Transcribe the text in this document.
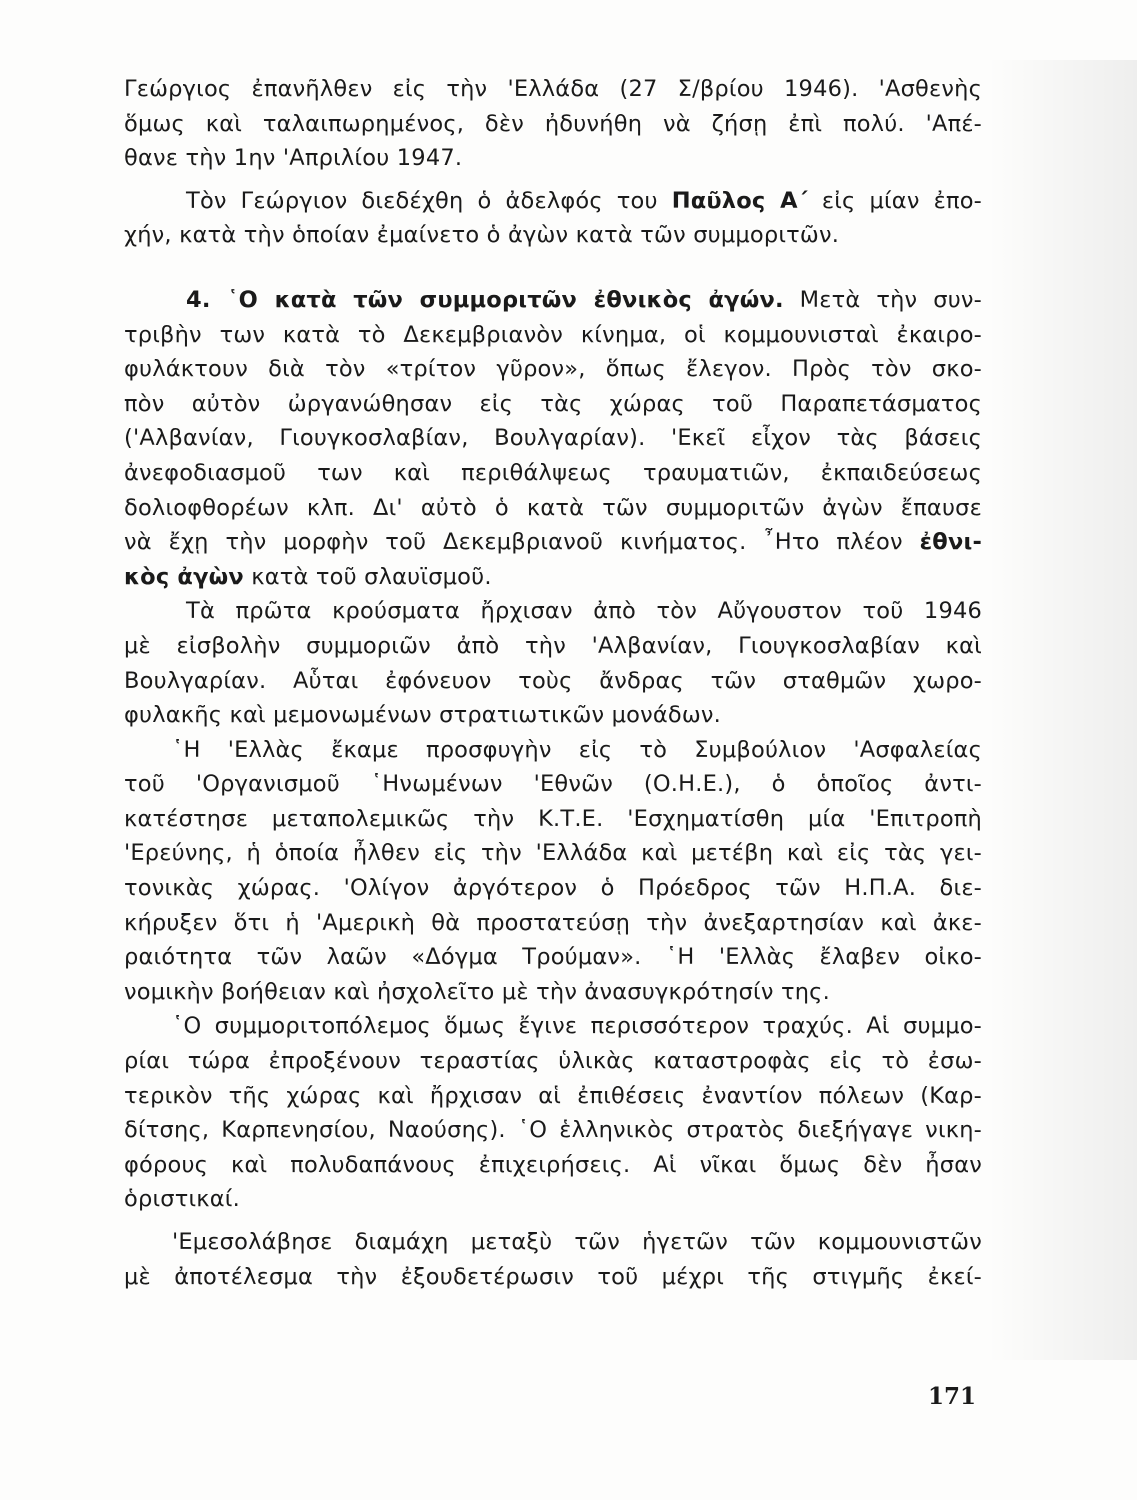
Γεώργιος ἐπανῆλθεν εἰς τὴν 'Ελλάδα (27 Σ/βρίου 1946). 'Ασθενὴς
ὅμως καὶ ταλαιπωρημένος, δὲν ἠδυνήθη νὰ ζήσῃ ἐπὶ πολύ. 'Απέ-
θανε τὴν 1ην 'Απριλίου 1947.
Τὸν Γεώργιον διεδέχθη ὁ ἀδελφός του Παῦλος Α΄ εἰς μίαν ἐπο-
χήν, κατὰ τὴν ὁποίαν ἐμαίνετο ὁ ἀγὼν κατὰ τῶν συμμοριτῶν.
4. ῾Ο κατὰ τῶν συμμοριτῶν ἐθνικὸς ἀγών. Μετὰ τὴν συν-
τριβὴν των κατὰ τὸ Δεκεμβριανὸν κίνημα, οἱ κομμουνισταὶ ἐκαιρο-
φυλάκτουν διὰ τὸν «τρίτον γῦρον», ὅπως ἔλεγον. Πρὸς τὸν σκο-
πὸν αὐτὸν ὠργανώθησαν εἰς τὰς χώρας τοῦ Παραπετάσματος
('Αλβανίαν, Γιουγκοσλαβίαν, Βουλγαρίαν). 'Εκεῖ εἶχον τὰς βάσεις
ἀνεφοδιασμοῦ των καὶ περιθάλψεως τραυματιῶν, ἐκπαιδεύσεως
δολιοφθορέων κλπ. Δι' αὐτὸ ὁ κατὰ τῶν συμμοριτῶν ἀγὼν ἔπαυσε
νὰ ἔχῃ τὴν μορφὴν τοῦ Δεκεμβριανοῦ κινήματος. ῏Ητο πλέον ἐθνι-
κὸς ἀγὼν κατὰ τοῦ σλαυϊσμοῦ.
Τὰ πρῶτα κρούσματα ἤρχισαν ἀπὸ τὸν Αὔγουστον τοῦ 1946
μὲ εἰσβολὴν συμμοριῶν ἀπὸ τὴν 'Αλβανίαν, Γιουγκοσλαβίαν καὶ
Βουλγαρίαν. Αὗται ἐφόνευον τοὺς ἄνδρας τῶν σταθμῶν χωρο-
φυλακῆς καὶ μεμονωμένων στρατιωτικῶν μονάδων.
῾Η 'Ελλὰς ἔκαμε προσφυγὴν εἰς τὸ Συμβούλιον 'Ασφαλείας
τοῦ 'Οργανισμοῦ ῾Ηνωμένων 'Εθνῶν (Ο.Η.Ε.), ὁ ὁποῖος ἀντι-
κατέστησε μεταπολεμικῶς τὴν Κ.Τ.Ε. 'Εσχηματίσθη μία 'Επιτροπὴ
'Ερεύνης, ἡ ὁποία ἦλθεν εἰς τὴν 'Ελλάδα καὶ μετέβη καὶ εἰς τὰς γει-
τονικὰς χώρας. 'Ολίγον ἀργότερον ὁ Πρόεδρος τῶν Η.Π.Α. διε-
κήρυξεν ὅτι ἡ 'Αμερικὴ θὰ προστατεύσῃ τὴν ἀνεξαρτησίαν καὶ ἀκε-
ραιότητα τῶν λαῶν «Δόγμα Τρούμαν». ῾Η 'Ελλὰς ἔλαβεν οἰκο-
νομικὴν βοήθειαν καὶ ἠσχολεῖτο μὲ τὴν ἀνασυγκρότησίν της.
῾Ο συμμοριτοπόλεμος ὅμως ἔγινε περισσότερον τραχύς. Αἱ συμμο-
ρίαι τώρα ἐπροξένουν τεραστίας ὑλικὰς καταστροφὰς εἰς τὸ ἐσω-
τερικὸν τῆς χώρας καὶ ἤρχισαν αἱ ἐπιθέσεις ἐναντίον πόλεων (Καρ-
δίτσης, Καρπενησίου, Ναούσης). ῾Ο ἑλληνικὸς στρατὸς διεξήγαγε νικη-
φόρους καὶ πολυδαπάνους ἐπιχειρήσεις. Αἱ νῖκαι ὅμως δὲν ἦσαν
ὁριστικαί.
'Εμεσολάβησε διαμάχη μεταξὺ τῶν ἡγετῶν τῶν κομμουνιστῶν
μὲ ἀποτέλεσμα τὴν ἐξουδετέρωσιν τοῦ μέχρι τῆς στιγμῆς ἐκεί-
171
